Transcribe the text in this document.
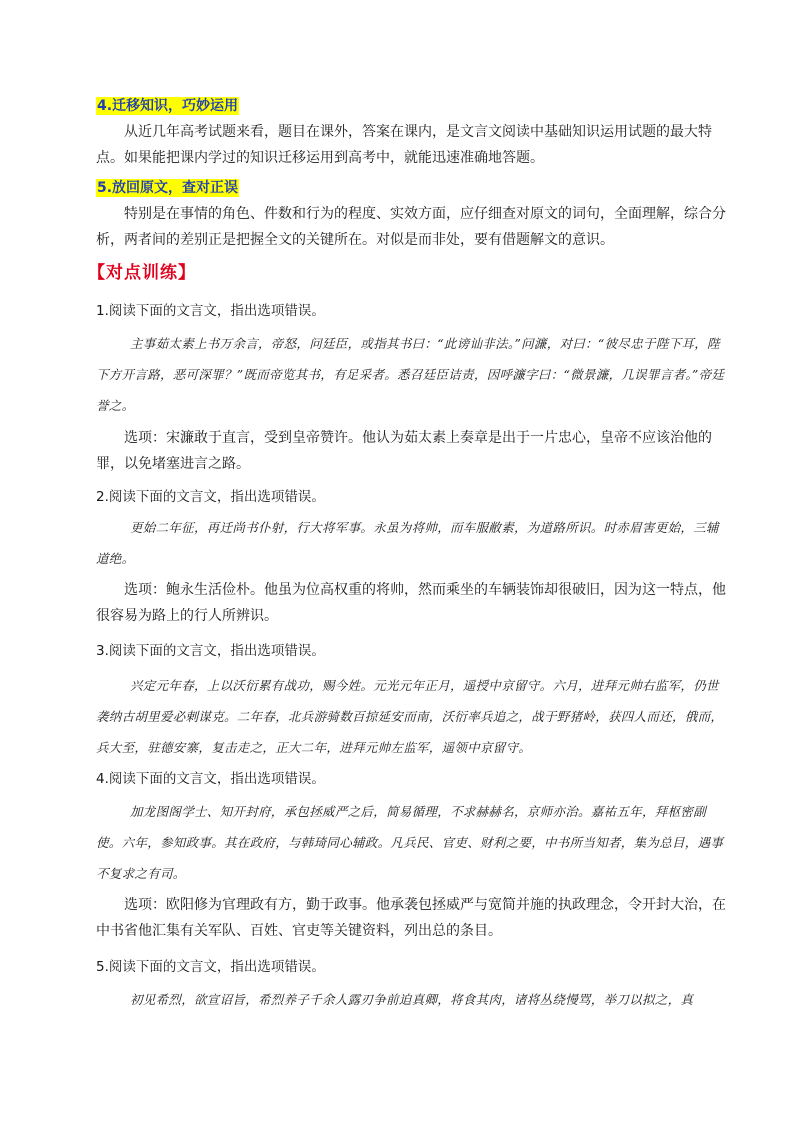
4.迁移知识，巧妙运用
从近几年高考试题来看，题目在课外，答案在课内，是文言文阅读中基础知识运用试题的最大特点。如果能把课内学过的知识迁移运用到高考中，就能迅速准确地答题。
5.放回原文，查对正误
特别是在事情的角色、件数和行为的程度、实效方面，应仔细查对原文的词句，全面理解，综合分析，两者间的差别正是把握全文的关键所在。对似是而非处，要有借题解文的意识。
【对点训练】
1.阅读下面的文言文，指出选项错误。
主事茹太素上书万余言，帝怒，问廷臣，或指其书曰：“此谤讪非法。”问濂，对曰：“彼尽忠于陛下耳，陛下方开言路，恶可深罪？”既而帝览其书，有足采者。悉召廷臣诘责，因呼濂字曰：“微景濂，几误罪言者。”帝廷誉之。
选项：宋濂敢于直言，受到皇帝赞许。他认为茹太素上奏章是出于一片忠心，皇帝不应该治他的罪，以免堵塞进言之路。
2.阅读下面的文言文，指出选项错误。
更始二年征，再迁尚书仆射，行大将军事。永虽为将帅，而车服敝素，为道路所识。时赤眉害更始，三辅道绝。
选项：鲍永生活俭朴。他虽为位高权重的将帅，然而乘坐的车辆装饰却很破旧，因为这一特点，他很容易为路上的行人所辨识。
3.阅读下面的文言文，指出选项错误。
兴定元年春，上以沃衍累有战功，赐今姓。元光元年正月，遥授中京留守。六月，进拜元帅右监军，仍世袭纳古胡里爱必剌谋克。二年春，北兵游骑数百掠延安而南，沃衍率兵追之，战于野猪岭，获四人而还，俄而，兵大至，驻德安寨，复击走之，正大二年，进拜元帅左监军，遥领中京留守。
4.阅读下面的文言文，指出选项错误。
加龙图阁学士、知开封府，承包拯威严之后，简易循理，不求赫赫名，京师亦治。嘉祐五年，拜枢密副使。六年，参知政事。其在政府，与韩琦同心辅政。凡兵民、官吏、财利之要，中书所当知者，集为总目，遇事不复求之有司。
选项：欧阳修为官理政有方，勤于政事。他承袭包拯威严与宽简并施的执政理念，令开封大治，在中书省他汇集有关军队、百姓、官吏等关键资料，列出总的条目。
5.阅读下面的文言文，指出选项错误。
初见希烈，欲宣诏旨，希烈养子千余人露刃争前迫真卿，将食其肉，诸将丛绕慢骂，举刀以拟之，真
